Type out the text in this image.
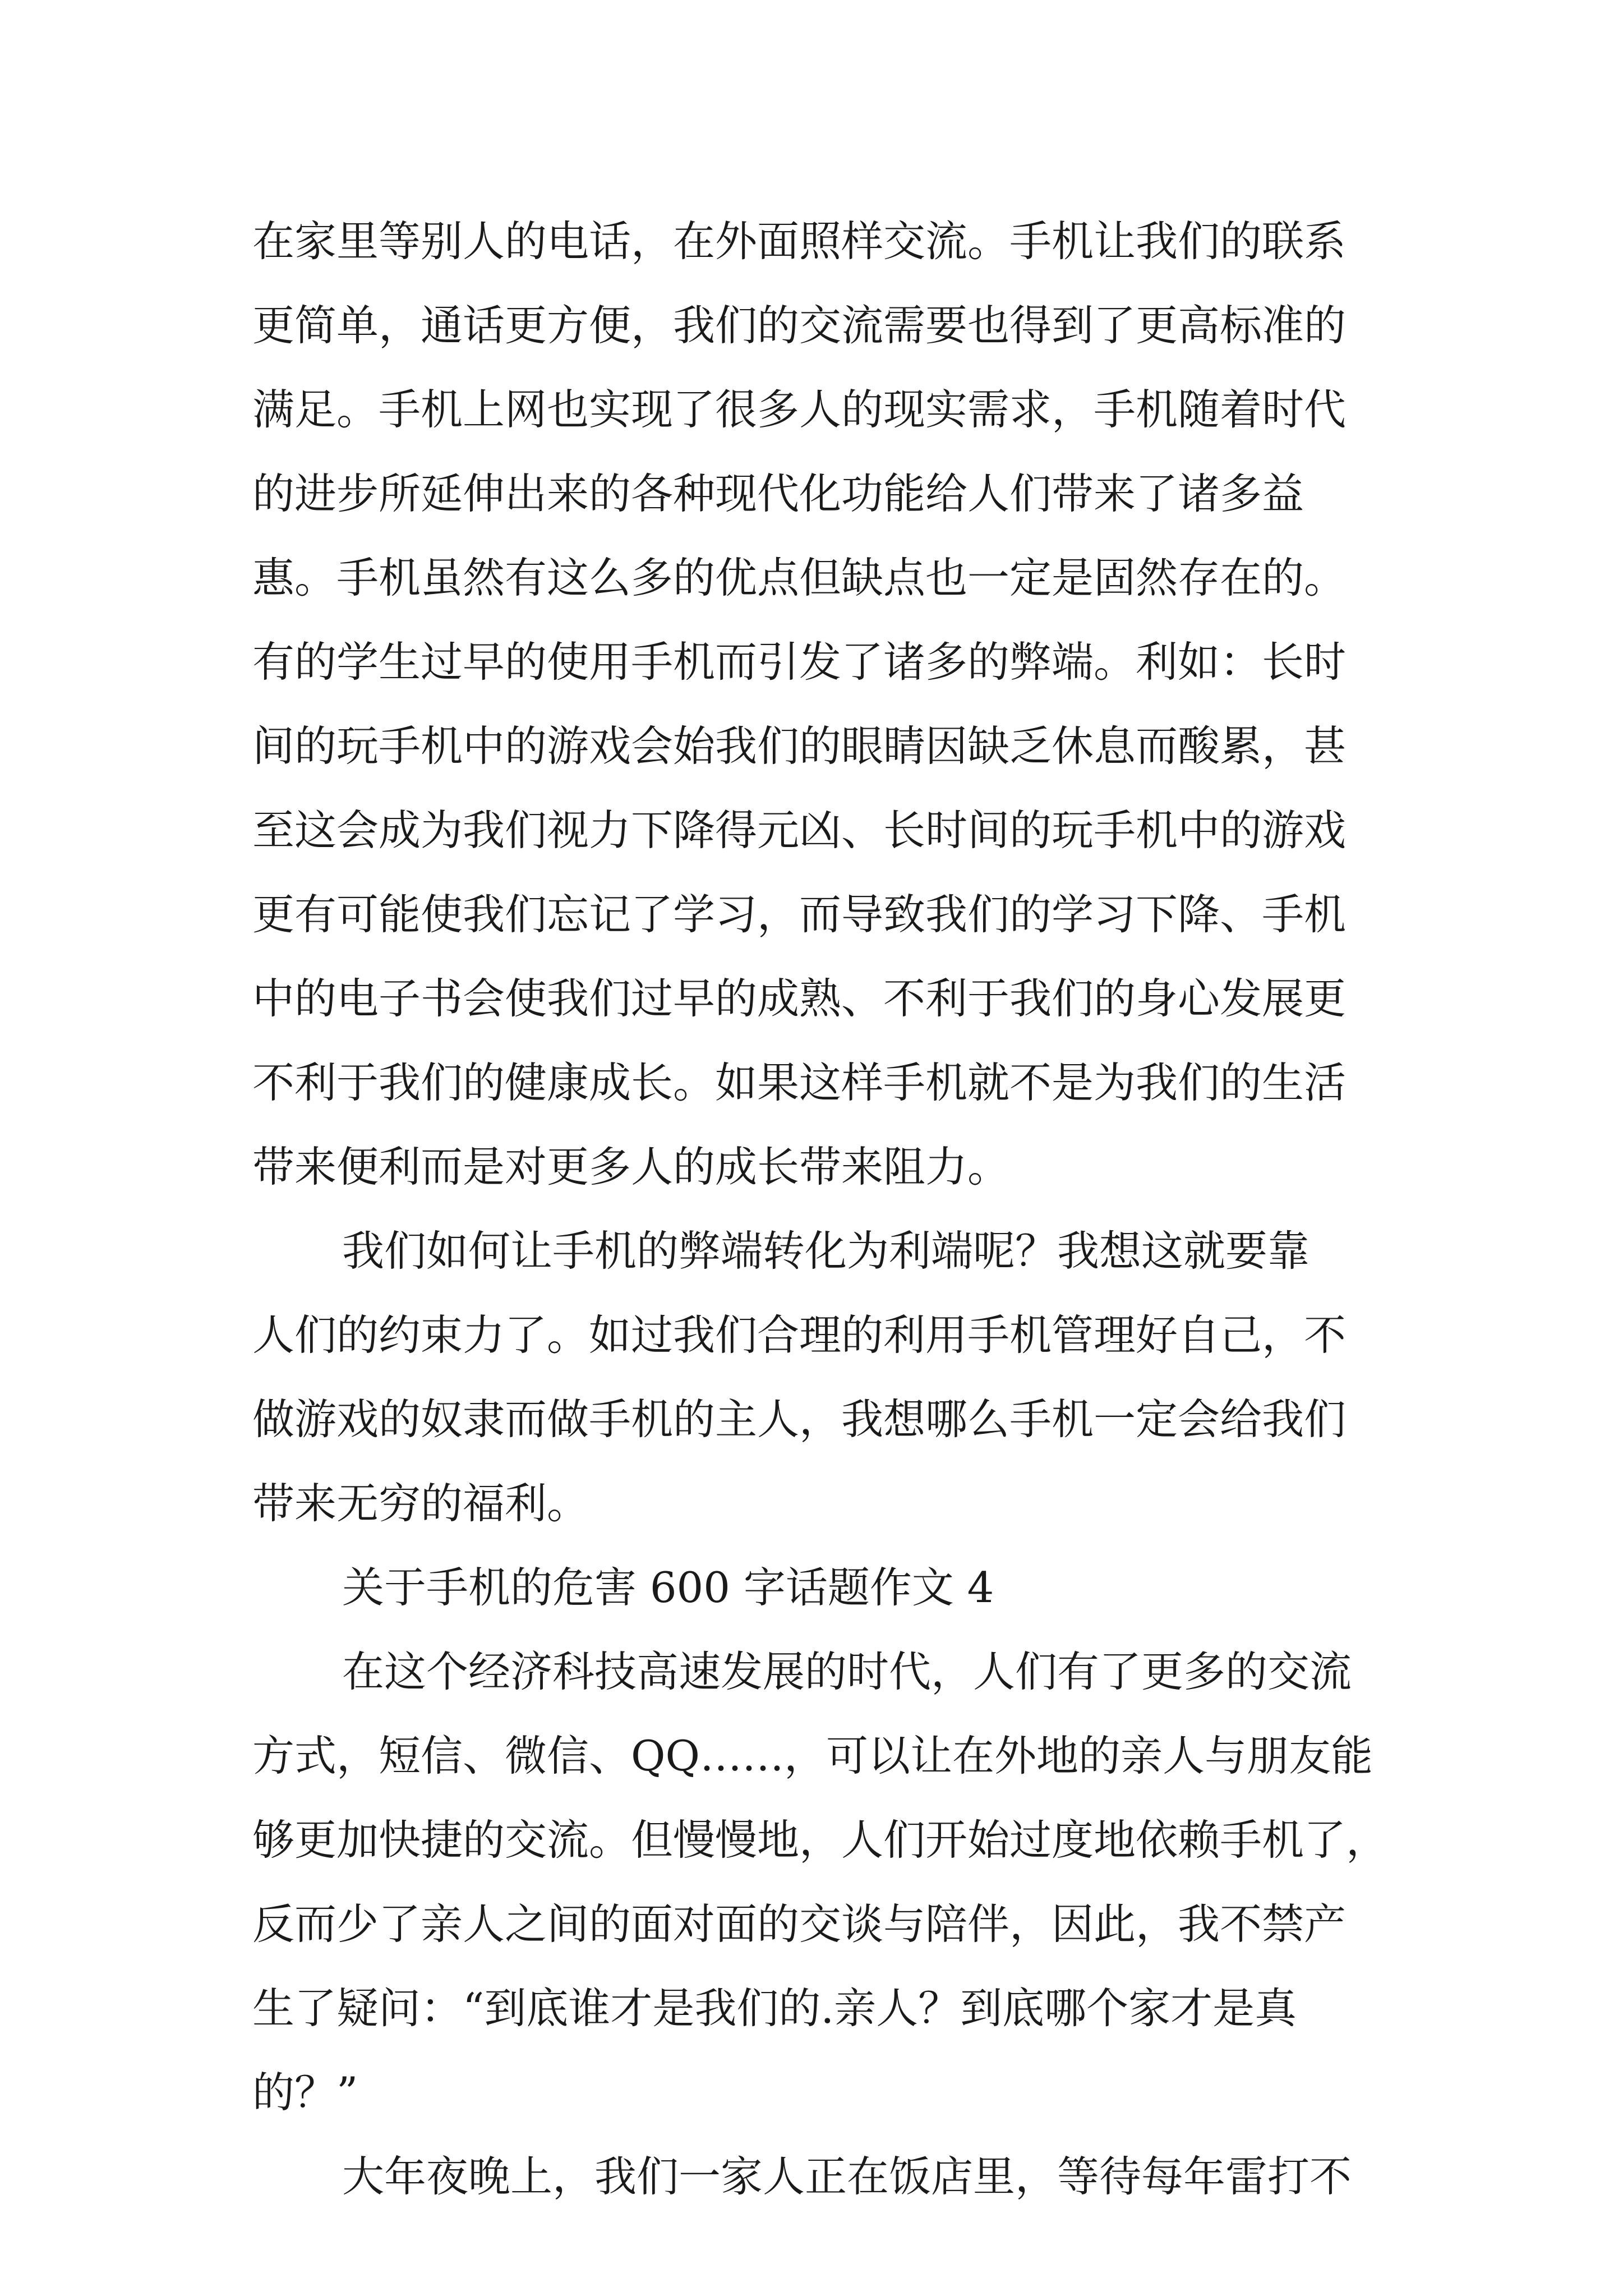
在家里等别人的电话，在外面照样交流。手机让我们的联系
更简单，通话更方便，我们的交流需要也得到了更高标准的
满足。手机上网也实现了很多人的现实需求，手机随着时代
的进步所延伸出来的各种现代化功能给人们带来了诸多益
惠。手机虽然有这么多的优点但缺点也一定是固然存在的。
有的学生过早的使用手机而引发了诸多的弊端。利如：长时
间的玩手机中的游戏会始我们的眼睛因缺乏休息而酸累，甚
至这会成为我们视力下降得元凶、长时间的玩手机中的游戏
更有可能使我们忘记了学习，而导致我们的学习下降、手机
中的电子书会使我们过早的成熟、不利于我们的身心发展更
不利于我们的健康成长。如果这样手机就不是为我们的生活
带来便利而是对更多人的成长带来阻力。
我们如何让手机的弊端转化为利端呢？我想这就要靠
人们的约束力了。如过我们合理的利用手机管理好自己，不
做游戏的奴隶而做手机的主人，我想哪么手机一定会给我们
带来无穷的福利。
关于手机的危害 600 字话题作文 4
在这个经济科技高速发展的时代，人们有了更多的交流
方式，短信、微信、QQ……，可以让在外地的亲人与朋友能
够更加快捷的交流。但慢慢地，人们开始过度地依赖手机了，
反而少了亲人之间的面对面的交谈与陪伴，因此，我不禁产
生了疑问：“到底谁才是我们的.亲人？到底哪个家才是真
的？”
大年夜晚上，我们一家人正在饭店里，等待每年雷打不
